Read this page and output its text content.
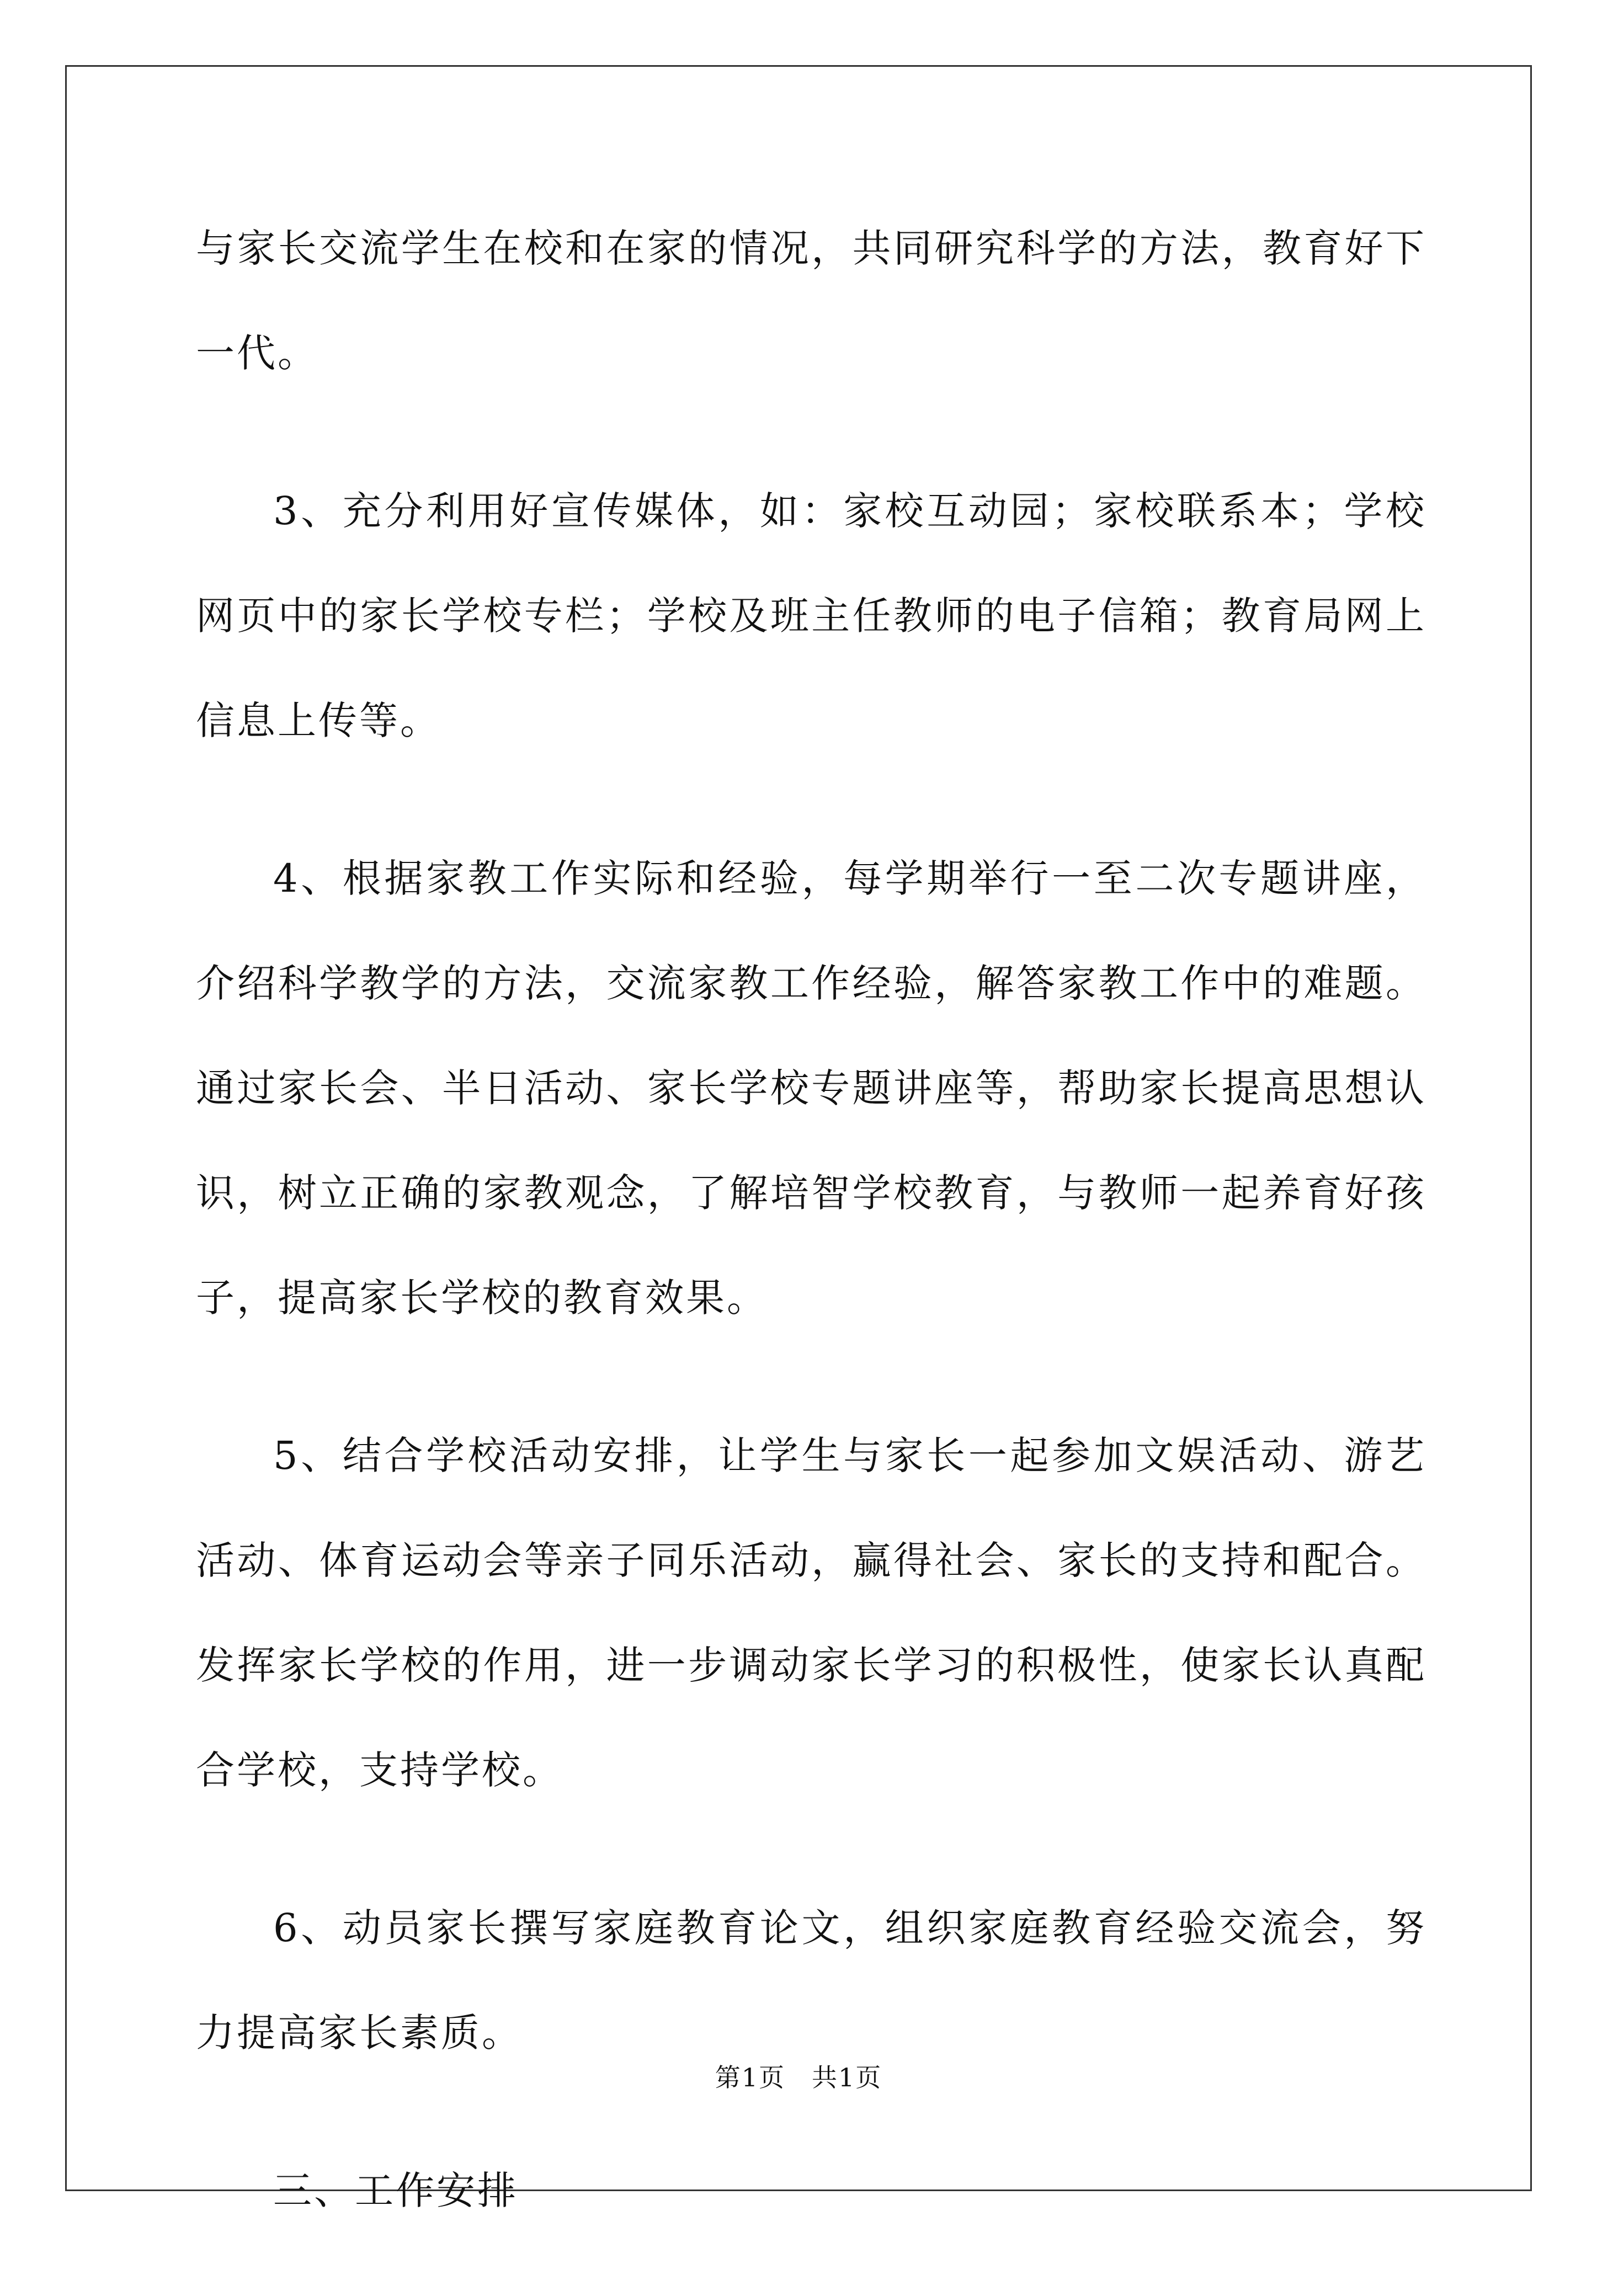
与家长交流学生在校和在家的情况，共同研究科学的方法，教育好下一代。

3、充分利用好宣传媒体，如：家校互动园；家校联系本；学校网页中的家长学校专栏；学校及班主任教师的电子信箱；教育局网上信息上传等。

4、根据家教工作实际和经验，每学期举行一至二次专题讲座，介绍科学教学的方法，交流家教工作经验，解答家教工作中的难题。通过家长会、半日活动、家长学校专题讲座等，帮助家长提高思想认识，树立正确的家教观念，了解培智学校教育，与教师一起养育好孩子，提高家长学校的教育效果。

5、结合学校活动安排，让学生与家长一起参加文娱活动、游艺活动、体育运动会等亲子同乐活动，赢得社会、家长的支持和配合。发挥家长学校的作用，进一步调动家长学习的积极性，使家长认真配合学校，支持学校。

6、动员家长撰写家庭教育论文，组织家庭教育经验交流会，努力提高家长素质。

三、工作安排

第1页　共1页
